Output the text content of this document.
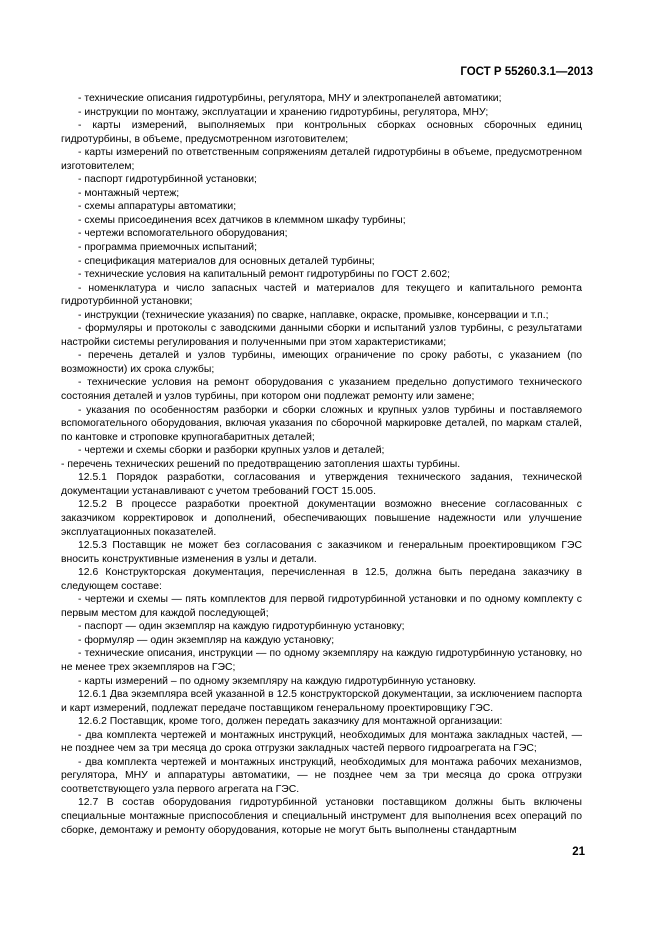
ГОСТ Р 55260.3.1—2013

- технические описания гидротурбины, регулятора, МНУ и электропанелей автоматики;

- инструкции по монтажу, эксплуатации и хранению гидротурбины, регулятора, МНУ;

- карты измерений, выполняемых при контрольных сборках основных сборочных единиц гидротурбины, в объеме, предусмотренном изготовителем;

- карты измерений по ответственным сопряжениям деталей гидротурбины в объеме, предусмотренном изготовителем;

- паспорт гидротурбинной установки;

- монтажный чертеж;

- схемы аппаратуры автоматики;

- схемы присоединения всех датчиков в клеммном шкафу турбины;

- чертежи вспомогательного оборудования;

- программа приемочных испытаний;

- спецификация материалов для основных деталей турбины;

- технические условия на капитальный ремонт гидротурбины по ГОСТ 2.602;

- номенклатура и число запасных частей и материалов для текущего и капитального ремонта гидротурбинной установки;

- инструкции (технические указания) по сварке, наплавке, окраске, промывке, консервации и т.п.;

- формуляры и протоколы с заводскими данными сборки и испытаний узлов турбины, с результатами настройки системы регулирования и полученными при этом характеристиками;

- перечень деталей и узлов турбины, имеющих ограничение по сроку работы, с указанием (по возможности) их срока службы;

- технические условия на ремонт оборудования с указанием предельно допустимого технического состояния деталей и узлов турбины, при котором они подлежат ремонту или замене;

- указания по особенностям разборки и сборки сложных и крупных узлов турбины и поставляемого вспомогательного оборудования, включая указания по сборочной маркировке деталей, по маркам сталей, по кантовке и строповке крупногабаритных деталей;

- чертежи и схемы сборки и разборки крупных узлов и деталей;

- перечень технических решений по предотвращению затопления шахты турбины.

12.5.1 Порядок разработки, согласования и утверждения технического задания, технической документации устанавливают с учетом требований ГОСТ 15.005.

12.5.2 В процессе разработки проектной документации возможно внесение согласованных с заказчиком корректировок и дополнений, обеспечивающих повышение надежности или улучшение эксплуатационных показателей.

12.5.3 Поставщик не может без согласования с заказчиком и генеральным проектировщиком ГЭС вносить конструктивные изменения в узлы и детали.

12.6 Конструкторская документация, перечисленная в 12.5, должна быть передана заказчику в следующем составе:

- чертежи и схемы — пять комплектов для первой гидротурбинной установки и по одному комплекту с первым местом для каждой последующей;

- паспорт — один экземпляр на каждую гидротурбинную установку;

- формуляр — один экземпляр на каждую установку;

- технические описания, инструкции — по одному экземпляру на каждую гидротурбинную установку, но не менее трех экземпляров на ГЭС;

- карты измерений – по одному экземпляру на каждую гидротурбинную установку.

12.6.1 Два экземпляра всей указанной в 12.5 конструкторской документации, за исключением паспорта и карт измерений, подлежат передаче поставщиком генеральному проектировщику ГЭС.

12.6.2 Поставщик, кроме того, должен передать заказчику для монтажной организации:

- два комплекта чертежей и монтажных инструкций, необходимых для монтажа закладных частей, — не позднее чем за три месяца до срока отгрузки закладных частей первого гидроагрегата на ГЭС;

- два комплекта чертежей и монтажных инструкций, необходимых для монтажа рабочих механизмов, регулятора, МНУ и аппаратуры автоматики, — не позднее чем за три месяца до срока отгрузки соответствующего узла первого агрегата на ГЭС.

12.7 В состав оборудования гидротурбинной установки поставщиком должны быть включены специальные монтажные приспособления и специальный инструмент для выполнения всех операций по сборке, демонтажу и ремонту оборудования, которые не могут быть выполнены стандартным

21
